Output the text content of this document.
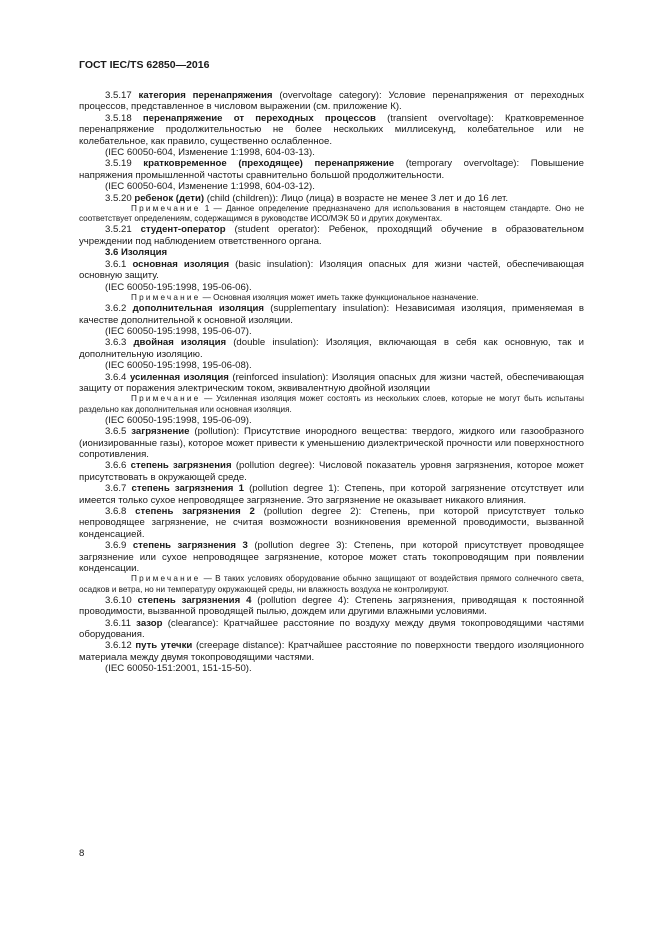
ГОСТ IEC/TS 62850—2016

3.5.17 категория перенапряжения (overvoltage category): Условие перенапряжения от переходных процессов, представленное в числовом выражении (см. приложение К).

3.5.18 перенапряжение от переходных процессов (transient overvoltage): Кратковременное перенапряжение продолжительностью не более нескольких миллисекунд, колебательное или не колебательное, как правило, существенно ослабленное.

(IEC 60050-604, Изменение 1:1998, 604-03-13).

3.5.19 кратковременное (преходящее) перенапряжение (temporary overvoltage): Повышение напряжения промышленной частоты сравнительно большой продолжительности.

(IEC 60050-604, Изменение 1:1998, 604-03-12).

3.5.20 ребенок (дети) (child (children)): Лицо (лица) в возрасте не менее 3 лет и до 16 лет.

Примечание 1 — Данное определение предназначено для использования в настоящем стандарте. Оно не соответствует определениям, содержащимся в руководстве ИСО/МЭК 50 и других документах.

3.5.21 студент-оператор (student operator): Ребенок, проходящий обучение в образовательном учреждении под наблюдением ответственного органа.

3.6 Изоляция

3.6.1 основная изоляция (basic insulation): Изоляция опасных для жизни частей, обеспечивающая основную защиту.

(IEC 60050-195:1998, 195-06-06).

Примечание — Основная изоляция может иметь также функциональное назначение.

3.6.2 дополнительная изоляция (supplementary insulation): Независимая изоляция, применяемая в качестве дополнительной к основной изоляции.

(IEC 60050-195:1998, 195-06-07).

3.6.3 двойная изоляция (double insulation): Изоляция, включающая в себя как основную, так и дополнительную изоляцию.

(IEC 60050-195:1998, 195-06-08).

3.6.4 усиленная изоляция (reinforced insulation): Изоляция опасных для жизни частей, обеспечивающая защиту от поражения электрическим током, эквивалентную двойной изоляции

Примечание — Усиленная изоляция может состоять из нескольких слоев, которые не могут быть испытаны раздельно как дополнительная или основная изоляция.

(IEC 60050-195:1998, 195-06-09).

3.6.5 загрязнение (pollution): Присутствие инородного вещества: твердого, жидкого или газообразного (ионизированные газы), которое может привести к уменьшению диэлектрической прочности или поверхностного сопротивления.

3.6.6 степень загрязнения (pollution degree): Числовой показатель уровня загрязнения, которое может присутствовать в окружающей среде.

3.6.7 степень загрязнения 1 (pollution degree 1): Степень, при которой загрязнение отсутствует или имеется только сухое непроводящее загрязнение. Это загрязнение не оказывает никакого влияния.

3.6.8 степень загрязнения 2 (pollution degree 2): Степень, при которой присутствует только непроводящее загрязнение, не считая возможности возникновения временной проводимости, вызванной конденсацией.

3.6.9 степень загрязнения 3 (pollution degree 3): Степень, при которой присутствует проводящее загрязнение или сухое непроводящее загрязнение, которое может стать токопроводящим при появлении конденсации.

Примечание — В таких условиях оборудование обычно защищают от воздействия прямого солнечного света, осадков и ветра, но ни температуру окружающей среды, ни влажность воздуха не контролируют.

3.6.10 степень загрязнения 4 (pollution degree 4): Степень загрязнения, приводящая к постоянной проводимости, вызванной проводящей пылью, дождем или другими влажными условиями.

3.6.11 зазор (clearance): Кратчайшее расстояние по воздуху между двумя токопроводящими частями оборудования.

3.6.12 путь утечки (creepage distance): Кратчайшее расстояние по поверхности твердого изоляционного материала между двумя токопроводящими частями.

(IEC 60050-151:2001, 151-15-50).

8
